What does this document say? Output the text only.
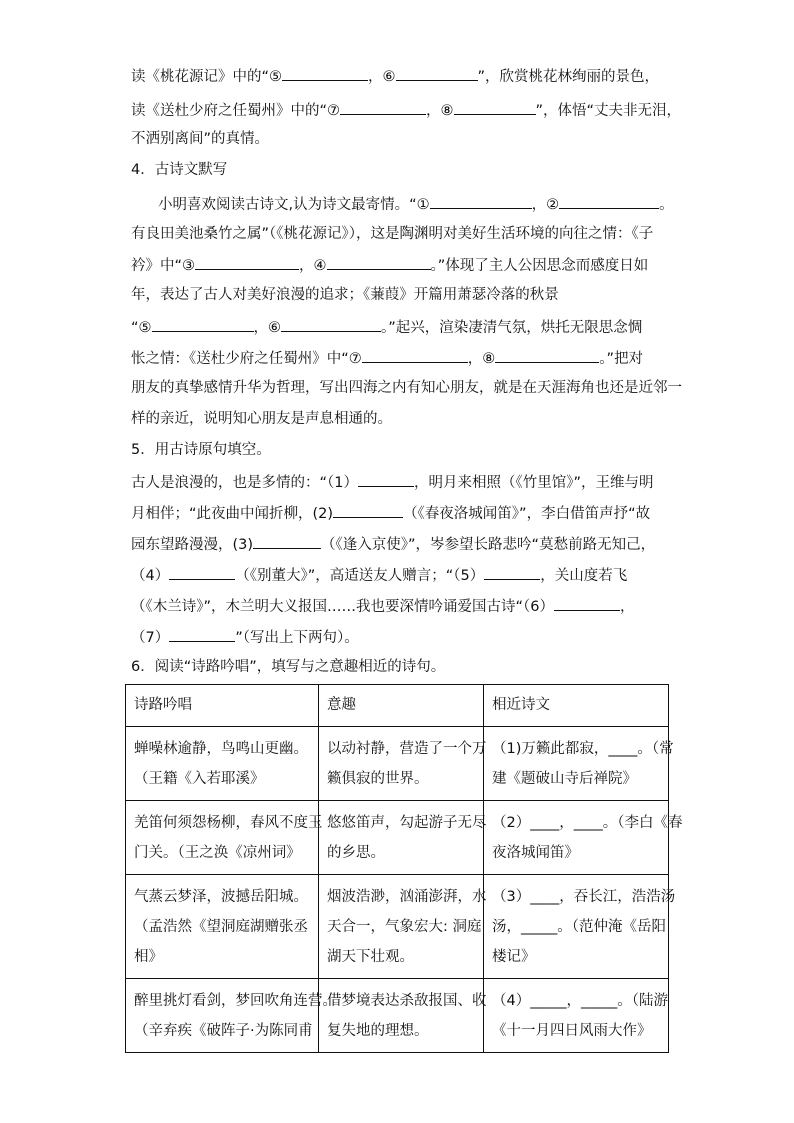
读《桃花源记》中的“⑤	，⑥	”，欣赏桃花林绚丽的景色，
读《送杜少府之任蜀州》中的“⑦	，⑧	”，体悟“丈夫非无泪，
不洒别离间”的真情。
4．古诗文默写
小明喜欢阅读古诗文,认为诗文最寄情。“①	，②	。
有良田美池桑竹之属”（《桃花源记》），这是陶渊明对美好生活环境的向往之情：《子
衿》中“③	，④	。”体现了主人公因思念而感度日如
年，表达了古人对美好浪漫的追求；《蒹葭》开篇用萧瑟冷落的秋景
“⑤	，⑥	。”起兴，渲染凄清气氛，烘托无限思念惆
怅之情：《送杜少府之任蜀州》中“⑦	，⑧	。”把对
朋友的真挚感情升华为哲理，写出四海之内有知心朋友，就是在天涯海角也还是近邻一
样的亲近，说明知心朋友是声息相通的。
5．用古诗原句填空。
古人是浪漫的，也是多情的：“（1）	，明月来相照（《竹里馆》”，王维与明
月相伴；“此夜曲中闻折柳，(2)	（《春夜洛城闻笛》”，李白借笛声抒“故
园东望路漫漫，(3)	（《逢入京使》”，岑参望长路悲吟“莫愁前路无知己，
（4）	（《别董大》”，高适送友人赠言；“（5）	，关山度若飞
（《木兰诗》”，木兰明大义报国……我也要深情吟诵爱国古诗“（6）	，
（7）	”（写出上下两句）。
6．阅读“诗路吟唱”，填写与之意趣相近的诗句。
诗路吟唱	意趣	相近诗文

蝉噪林逾静，鸟鸣山更幽。
（王籍《入若耶溪》	以动衬静，营造了一个万
籁俱寂的世界。	（1)万籁此都寂，____。（常
建《题破山寺后禅院》

羌笛何须怨杨柳，春风不度玉
门关。（王之涣《凉州词》	悠悠笛声，勾起游子无尽
的乡思。	（2）____，____。（李白《春
夜洛城闻笛》

气蒸云梦泽，波撼岳阳城。
（孟浩然《望洞庭湖赠张丞
相》	烟波浩渺，汹涌澎湃，水
天合一，气象宏大: 洞庭
湖天下壮观。	（3）____，吞长江，浩浩汤
汤，_____。（范仲淹《岳阳
楼记》

醉里挑灯看剑，梦回吹角连营。
（辛弃疾《破阵子·为陈同甫	借梦境表达杀敌报国、收
复失地的理想。	（4）_____，_____。（陆游
《十一月四日风雨大作》
